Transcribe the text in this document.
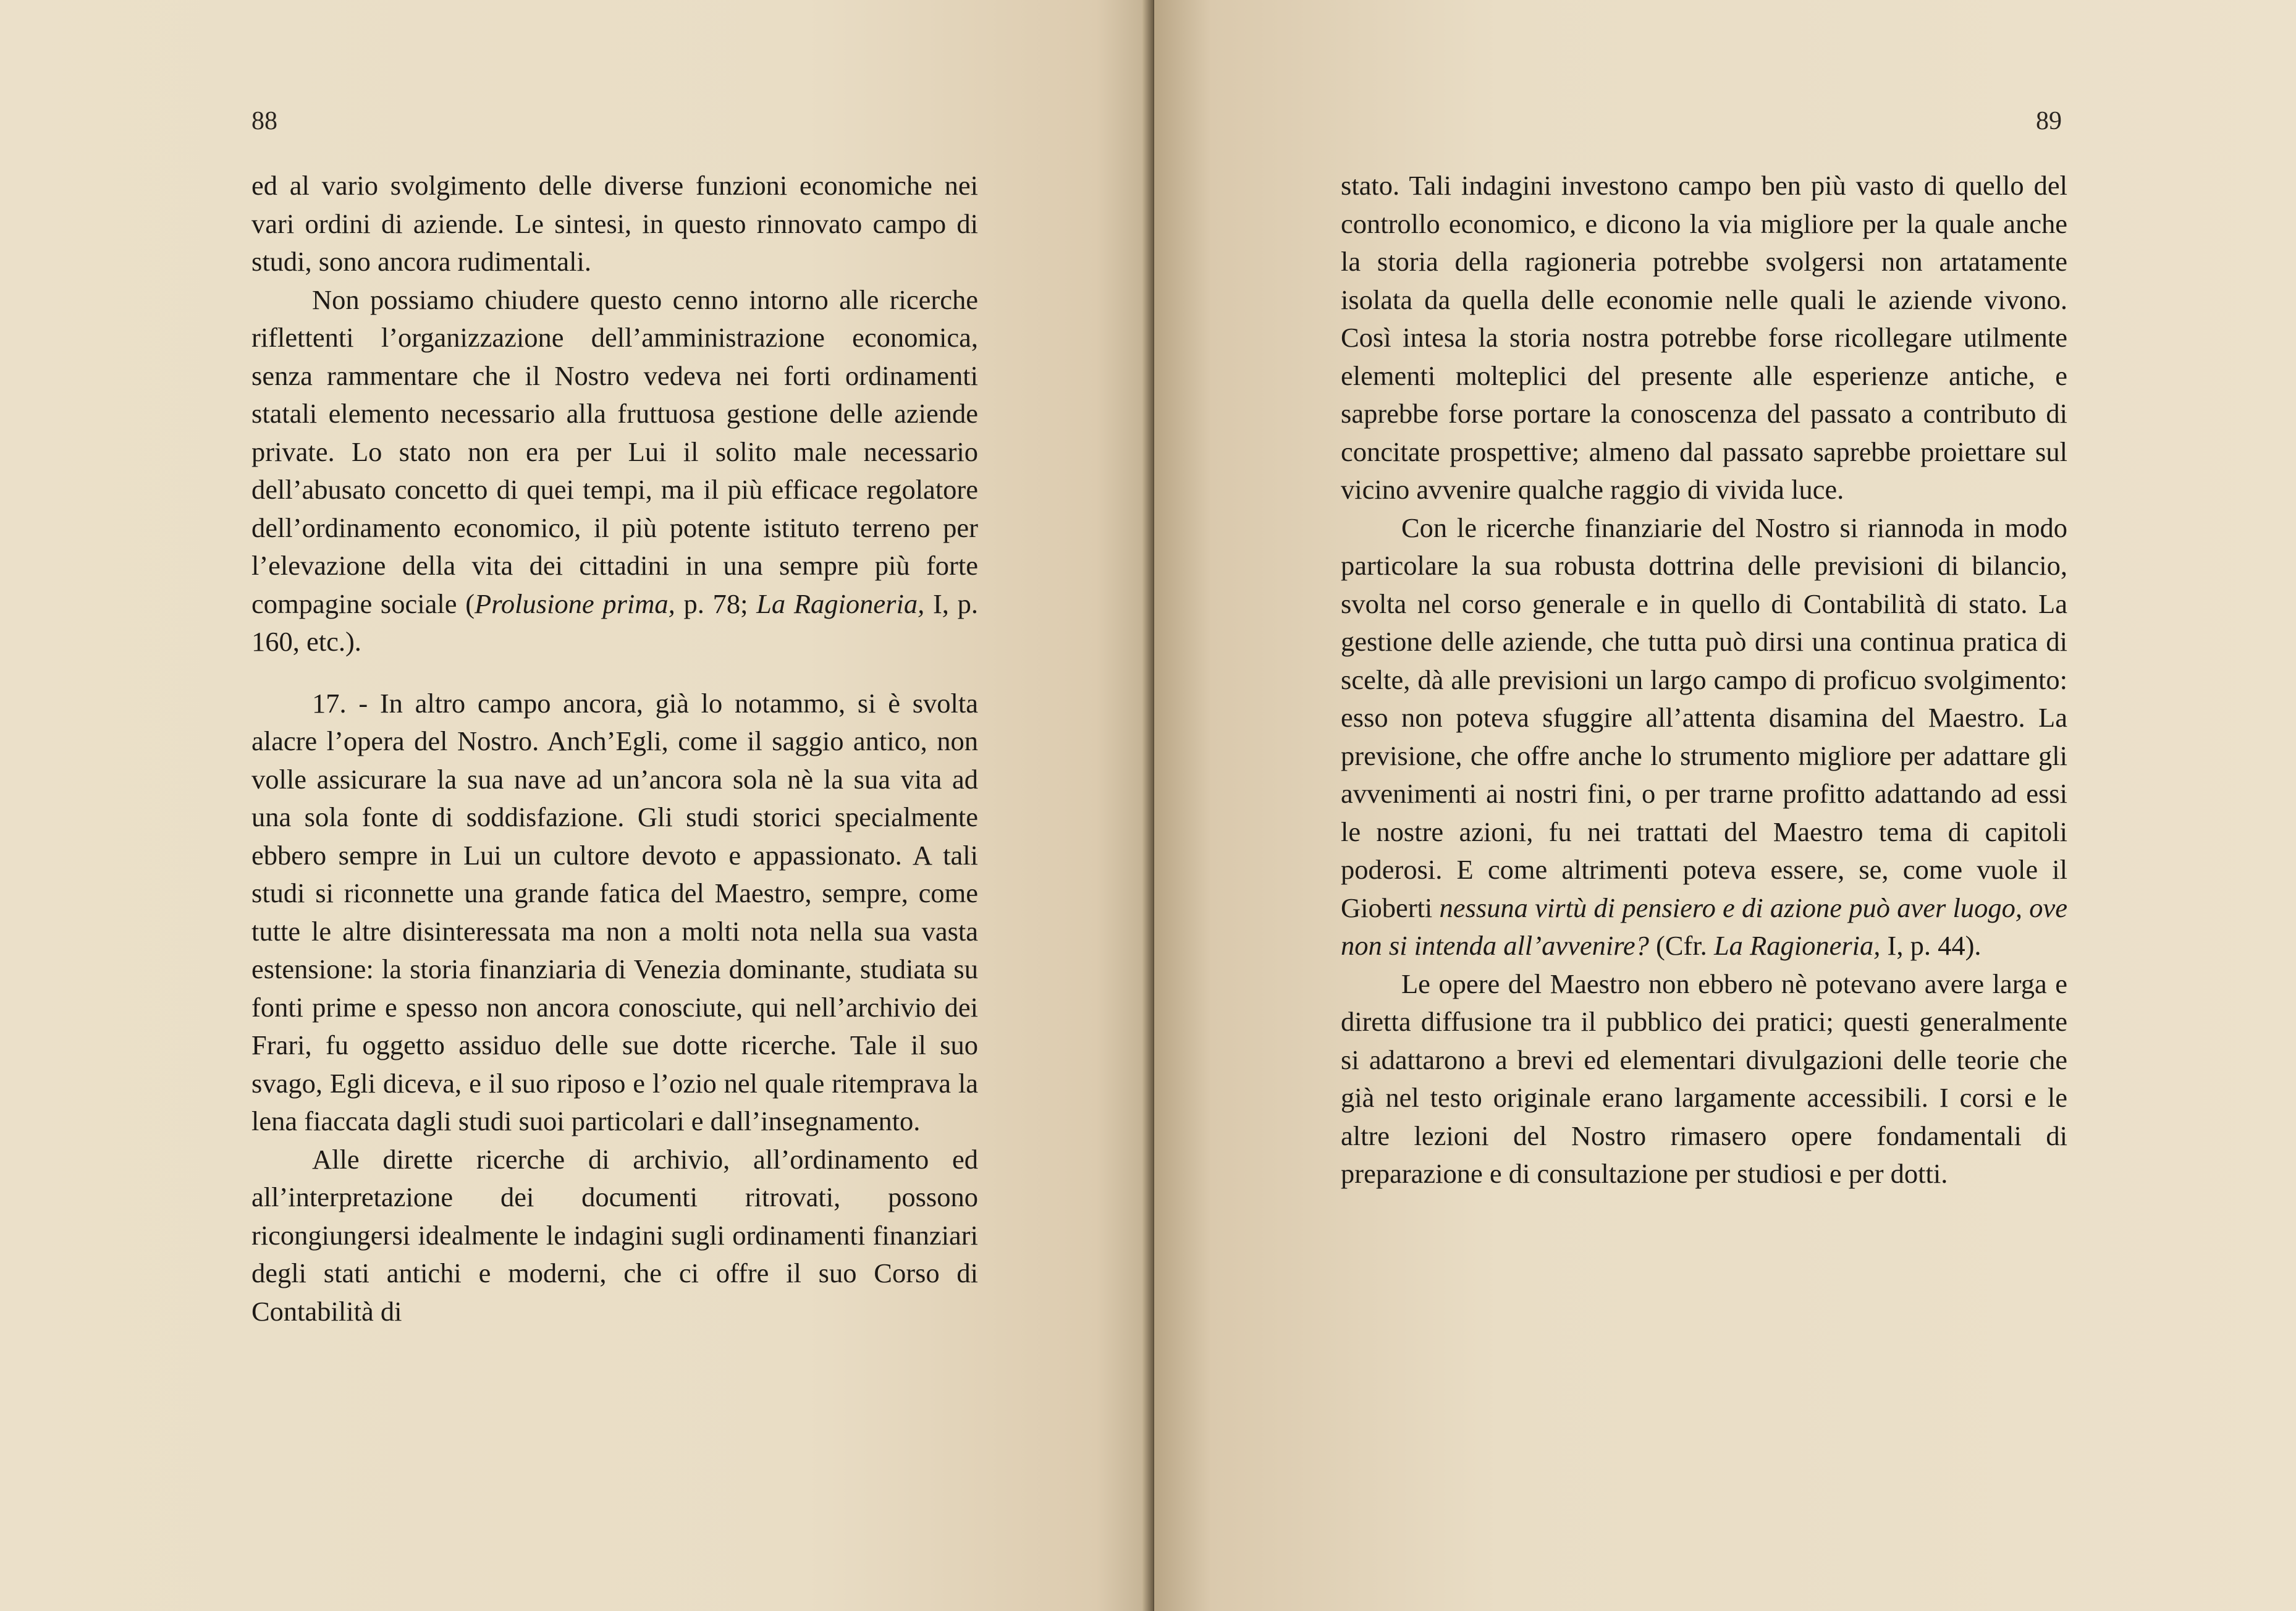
88

ed al vario svolgimento delle diverse funzioni economiche nei vari ordini di aziende. Le sintesi, in questo rinnovato campo di studi, sono ancora rudimentali.

Non possiamo chiudere questo cenno intorno alle ricerche riflettenti l’organizzazione dell’amministrazione economica, senza rammentare che il Nostro vedeva nei forti ordinamenti statali elemento necessario alla fruttuosa gestione delle aziende private. Lo stato non era per Lui il solito male necessario dell’abusato concetto di quei tempi, ma il più efficace regolatore dell’ordinamento economico, il più potente istituto terreno per l’elevazione della vita dei cittadini in una sempre più forte compagine sociale (Prolusione prima, p. 78; La Ragioneria, I, p. 160, etc.).

17. - In altro campo ancora, già lo notammo, si è svolta alacre l’opera del Nostro. Anch’Egli, come il saggio antico, non volle assicurare la sua nave ad un’ancora sola nè la sua vita ad una sola fonte di soddisfazione. Gli studi storici specialmente ebbero sempre in Lui un cultore devoto e appassionato. A tali studi si riconnette una grande fatica del Maestro, sempre, come tutte le altre disinteressata ma non a molti nota nella sua vasta estensione: la storia finanziaria di Venezia dominante, studiata su fonti prime e spesso non ancora conosciute, qui nell’archivio dei Frari, fu oggetto assiduo delle sue dotte ricerche. Tale il suo svago, Egli diceva, e il suo riposo e l’ozio nel quale ritemprava la lena fiaccata dagli studi suoi particolari e dall’insegnamento.

Alle dirette ricerche di archivio, all’ordinamento ed all’interpretazione dei documenti ritrovati, possono ricongiungersi idealmente le indagini sugli ordinamenti finanziari degli stati antichi e moderni, che ci offre il suo Corso di Contabilità di

89

stato. Tali indagini investono campo ben più vasto di quello del controllo economico, e dicono la via migliore per la quale anche la storia della ragioneria potrebbe svolgersi non artatamente isolata da quella delle economie nelle quali le aziende vivono. Così intesa la storia nostra potrebbe forse ricollegare utilmente elementi molteplici del presente alle esperienze antiche, e saprebbe forse portare la conoscenza del passato a contributo di concitate prospettive; almeno dal passato saprebbe proiettare sul vicino avvenire qualche raggio di vivida luce.

Con le ricerche finanziarie del Nostro si riannoda in modo particolare la sua robusta dottrina delle previsioni di bilancio, svolta nel corso generale e in quello di Contabilità di stato. La gestione delle aziende, che tutta può dirsi una continua pratica di scelte, dà alle previsioni un largo campo di proficuo svolgimento: esso non poteva sfuggire all’attenta disamina del Maestro. La previsione, che offre anche lo strumento migliore per adattare gli avvenimenti ai nostri fini, o per trarne profitto adattando ad essi le nostre azioni, fu nei trattati del Maestro tema di capitoli poderosi. E come altrimenti poteva essere, se, come vuole il Gioberti nessuna virtù di pensiero e di azione può aver luogo, ove non si intenda all’avvenire? (Cfr. La Ragioneria, I, p. 44).

Le opere del Maestro non ebbero nè potevano avere larga e diretta diffusione tra il pubblico dei pratici; questi generalmente si adattarono a brevi ed elementari divulgazioni delle teorie che già nel testo originale erano largamente accessibili. I corsi e le altre lezioni del Nostro rimasero opere fondamentali di preparazione e di consultazione per studiosi e per dotti.
